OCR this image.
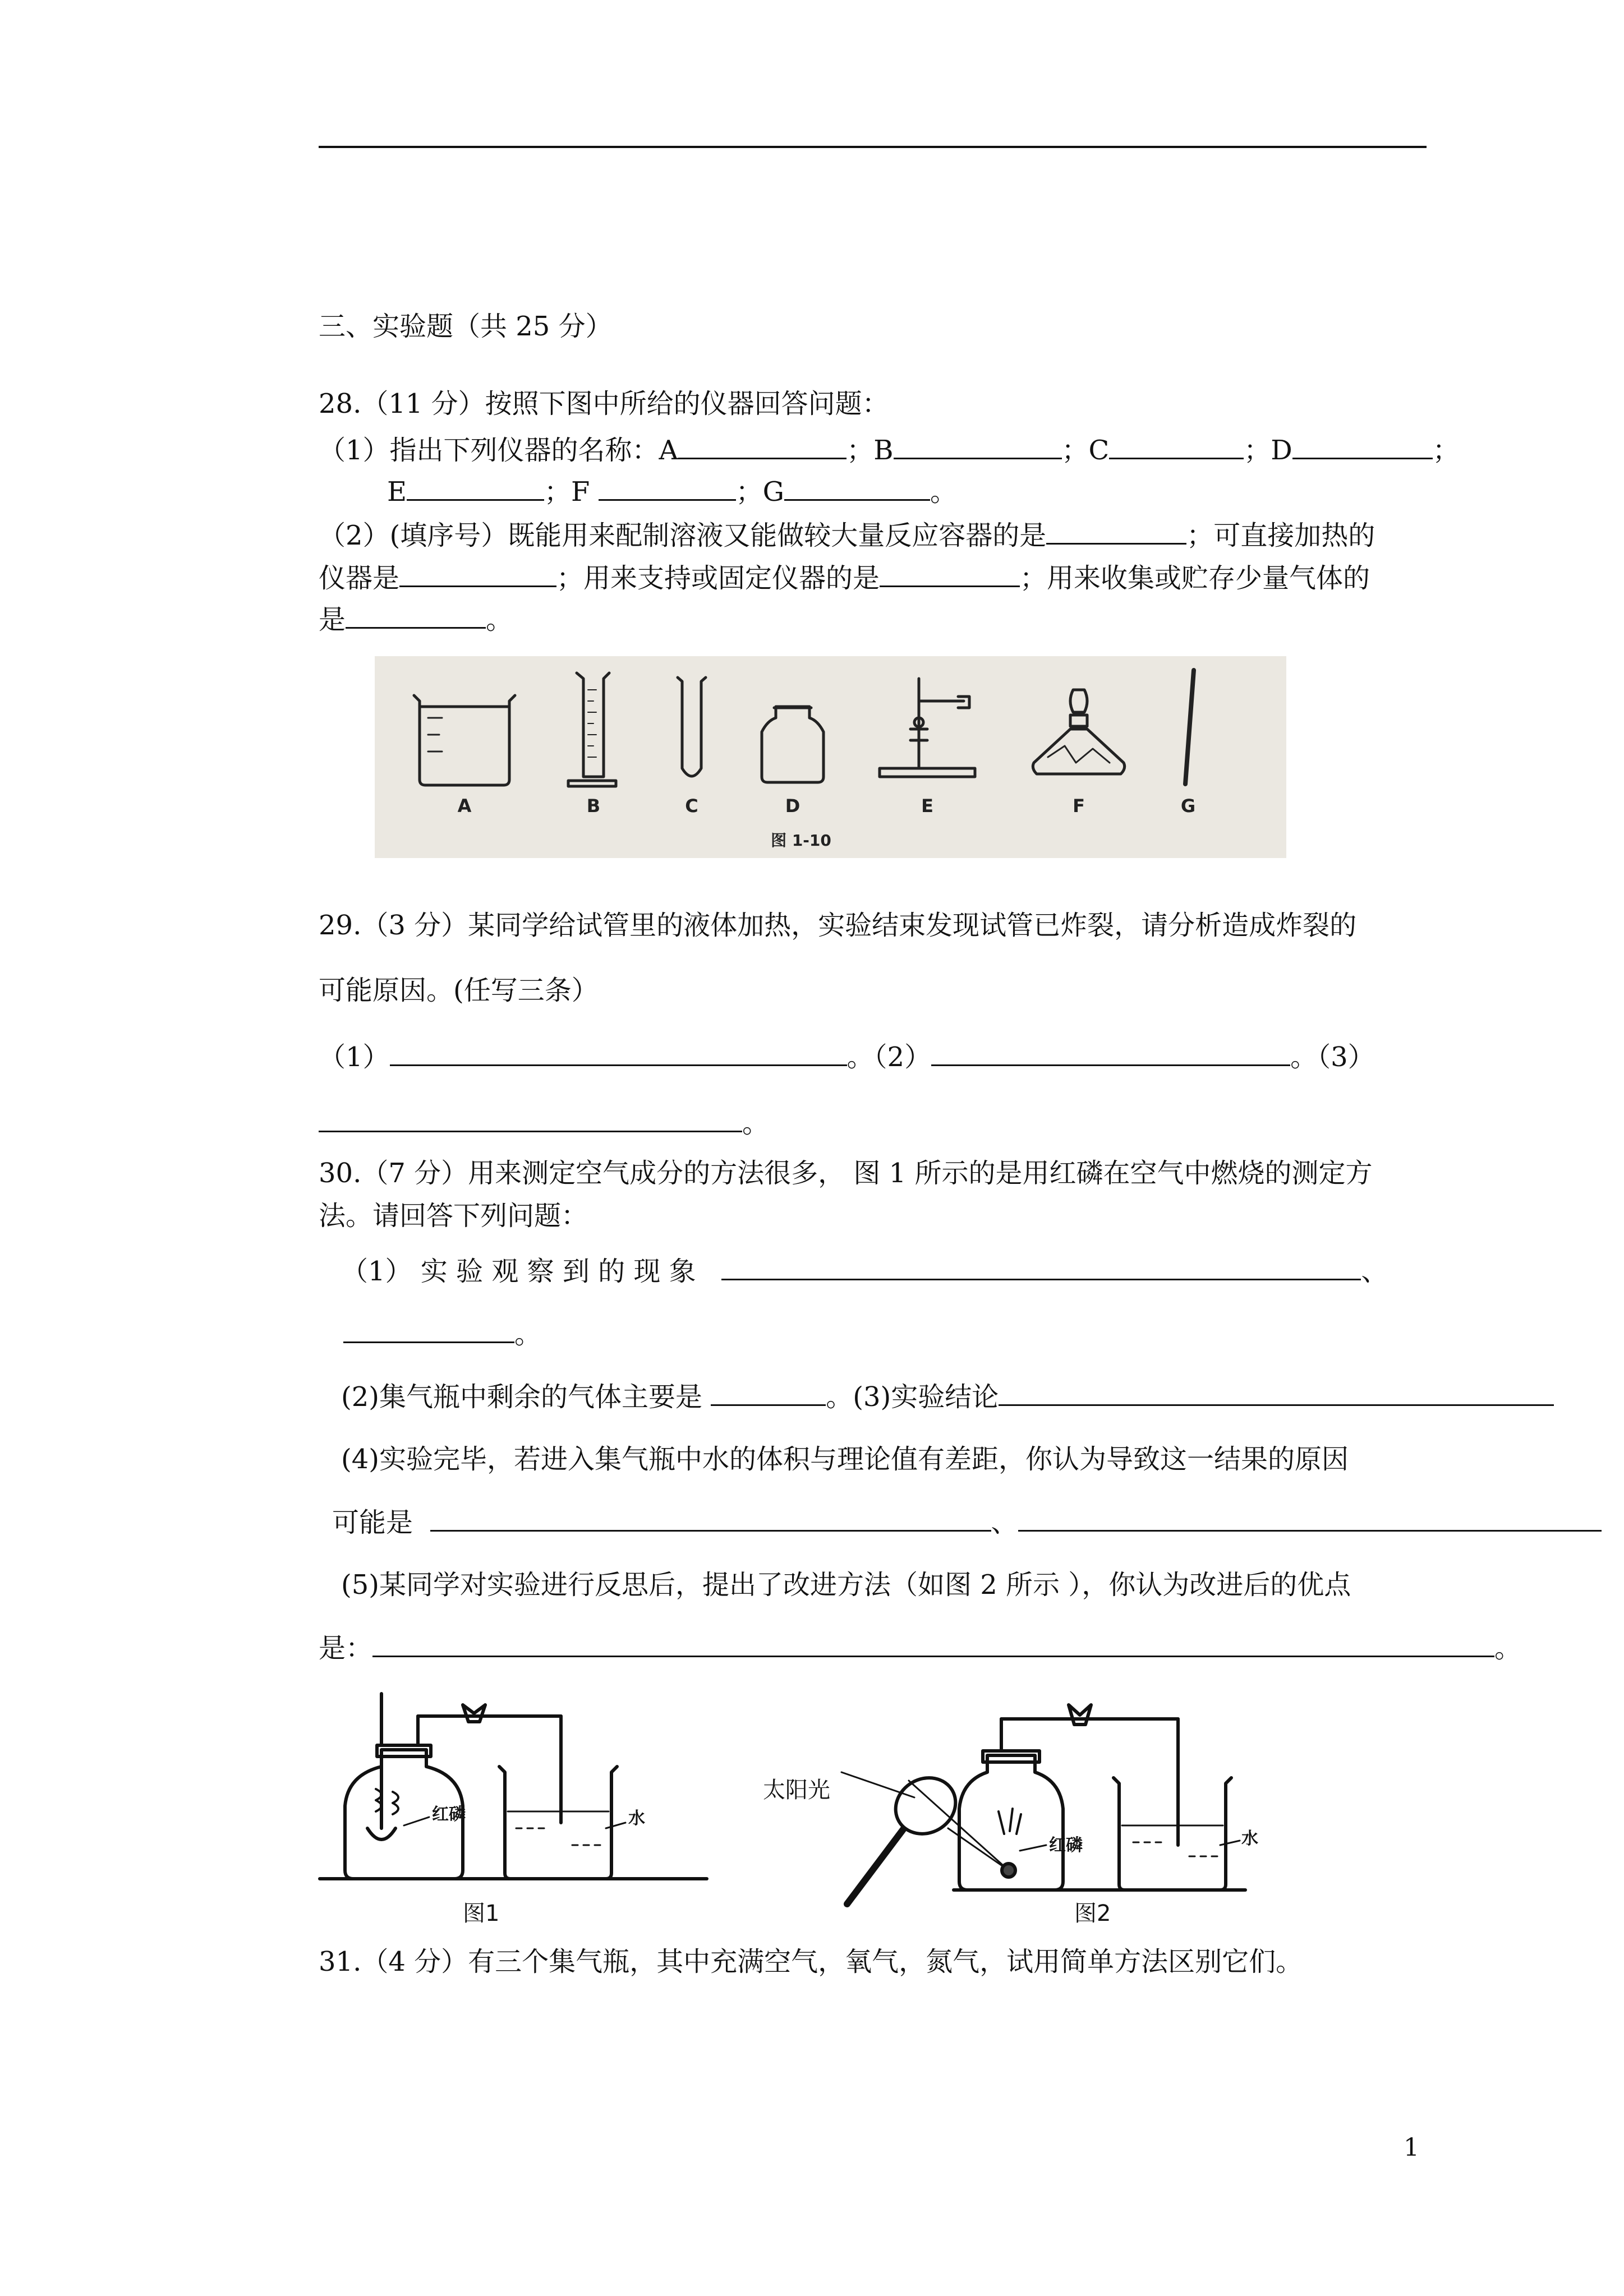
三、实验题（共 25 分）
28.（11 分）按照下图中所给的仪器回答问题：
（1）指出下列仪器的名称：A	；B	；C	；D	；
E	；F	；G	。
（2）(填序号）既能用来配制溶液又能做较大量反应容器的是	；可直接加热的
仪器是	；用来支持或固定仪器的是	；用来收集或贮存少量气体的
是	。
A	B	C	D	E	F	G
图 1-10
29.（3 分）某同学给试管里的液体加热，实验结束发现试管已炸裂，请分析造成炸裂的
可能原因。(任写三条）
（1）	。（2）	。（3）
。
30.（7 分）用来测定空气成分的方法很多， 图 1 所示的是用红磷在空气中燃烧的测定方
法。请回答下列问题：
（1） 实 验 观 察 到 的 现 象	、
。
(2)集气瓶中剩余的气体主要是	。(3)实验结论
(4)实验完毕，若进入集气瓶中水的体积与理论值有差距，你认为导致这一结果的原因
可能是	、
(5)某同学对实验进行反思后，提出了改进方法（如图 2 所示 ），你认为改进后的优点
是：	。
红磷	水
图1
太阳光
红磷	水
图2
31.（4 分）有三个集气瓶，其中充满空气，氧气，氮气，试用简单方法区别它们。
1
